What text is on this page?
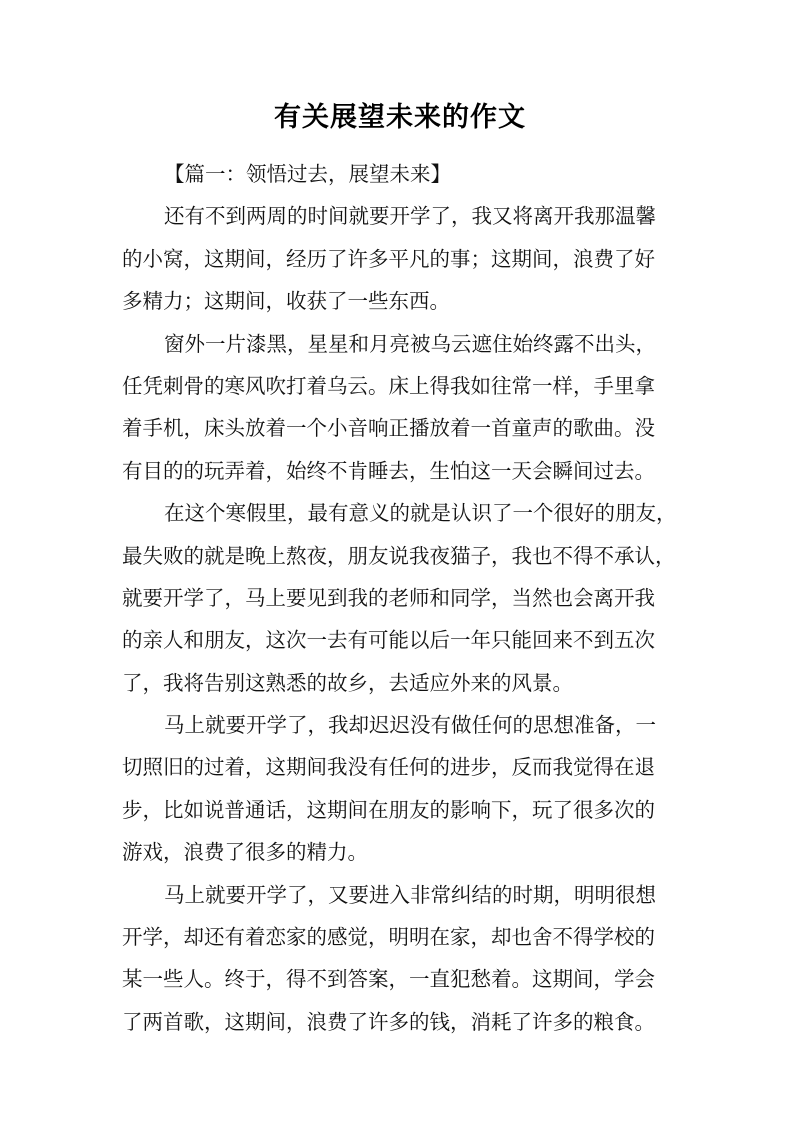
有关展望未来的作文
【篇一：领悟过去，展望未来】
还有不到两周的时间就要开学了，我又将离开我那温馨
的小窝，这期间，经历了许多平凡的事；这期间，浪费了好
多精力；这期间，收获了一些东西。
窗外一片漆黑，星星和月亮被乌云遮住始终露不出头，
任凭刺骨的寒风吹打着乌云。床上得我如往常一样，手里拿
着手机，床头放着一个小音响正播放着一首童声的歌曲。没
有目的的玩弄着，始终不肯睡去，生怕这一天会瞬间过去。
在这个寒假里，最有意义的就是认识了一个很好的朋友，
最失败的就是晚上熬夜，朋友说我夜猫子，我也不得不承认，
就要开学了，马上要见到我的老师和同学，当然也会离开我
的亲人和朋友，这次一去有可能以后一年只能回来不到五次
了，我将告别这熟悉的故乡，去适应外来的风景。
马上就要开学了，我却迟迟没有做任何的思想准备，一
切照旧的过着，这期间我没有任何的进步，反而我觉得在退
步，比如说普通话，这期间在朋友的影响下，玩了很多次的
游戏，浪费了很多的精力。
马上就要开学了，又要进入非常纠结的时期，明明很想
开学，却还有着恋家的感觉，明明在家，却也舍不得学校的
某一些人。终于，得不到答案，一直犯愁着。这期间，学会
了两首歌，这期间，浪费了许多的钱，消耗了许多的粮食。
